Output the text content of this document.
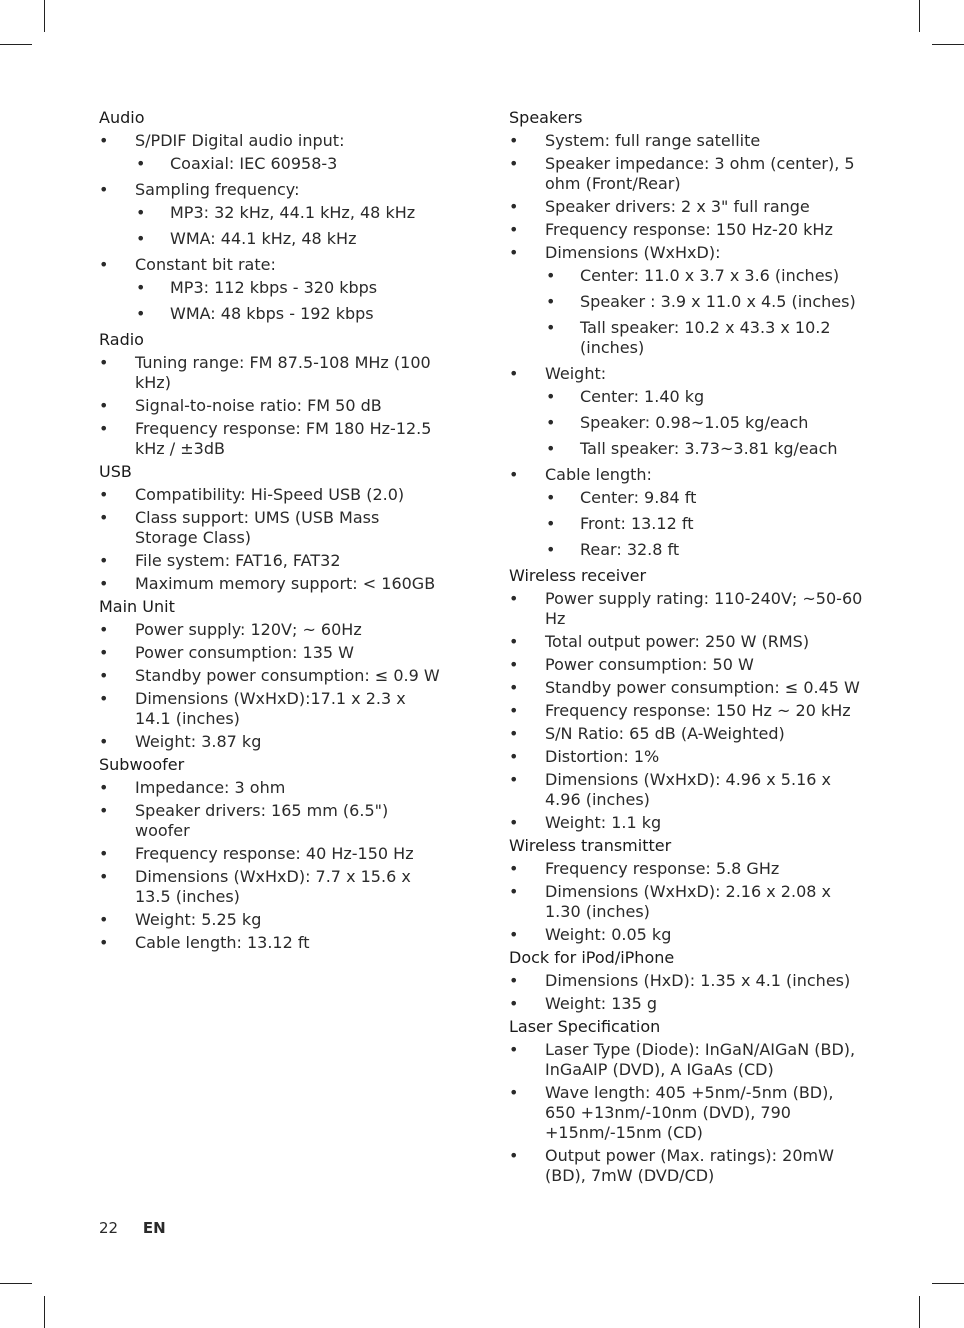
Audio
• S/PDIF Digital audio input:
• Coaxial: IEC 60958-3
• Sampling frequency:
• MP3: 32 kHz, 44.1 kHz, 48 kHz
• WMA: 44.1 kHz, 48 kHz
• Constant bit rate:
• MP3: 112 kbps - 320 kbps
• WMA: 48 kbps - 192 kbps
Radio
• Tuning range: FM 87.5-108 MHz (100 kHz)
• Signal-to-noise ratio: FM 50 dB
• Frequency response: FM 180 Hz-12.5 kHz / ±3dB
USB
• Compatibility: Hi-Speed USB (2.0)
• Class support: UMS (USB Mass Storage Class)
• File system: FAT16, FAT32
• Maximum memory support: < 160GB
Main Unit
• Power supply: 120V; ~ 60Hz
• Power consumption: 135 W
• Standby power consumption: ≤ 0.9 W
• Dimensions (WxHxD):17.1 x 2.3 x 14.1 (inches)
• Weight: 3.87 kg
Subwoofer
• Impedance: 3 ohm
• Speaker drivers: 165 mm (6.5") woofer
• Frequency response: 40 Hz-150 Hz
• Dimensions (WxHxD): 7.7 x 15.6 x 13.5 (inches)
• Weight: 5.25 kg
• Cable length: 13.12 ft
Speakers
• System: full range satellite
• Speaker impedance: 3 ohm (center), 5 ohm (Front/Rear)
• Speaker drivers: 2 x 3" full range
• Frequency response: 150 Hz-20 kHz
• Dimensions (WxHxD):
• Center: 11.0 x 3.7 x 3.6 (inches)
• Speaker : 3.9 x 11.0 x 4.5 (inches)
• Tall speaker: 10.2 x 43.3 x 10.2 (inches)
• Weight:
• Center: 1.40 kg
• Speaker: 0.98~1.05 kg/each
• Tall speaker: 3.73~3.81 kg/each
• Cable length:
• Center: 9.84 ft
• Front: 13.12 ft
• Rear: 32.8 ft
Wireless receiver
• Power supply rating: 110-240V; ~50-60 Hz
• Total output power: 250 W (RMS)
• Power consumption: 50 W
• Standby power consumption: ≤ 0.45 W
• Frequency response: 150 Hz ~ 20 kHz
• S/N Ratio: 65 dB (A-Weighted)
• Distortion: 1%
• Dimensions (WxHxD): 4.96 x 5.16 x 4.96 (inches)
• Weight: 1.1 kg
Wireless transmitter
• Frequency response: 5.8 GHz
• Dimensions (WxHxD): 2.16 x 2.08 x 1.30 (inches)
• Weight: 0.05 kg
Dock for iPod/iPhone
• Dimensions (HxD): 1.35 x 4.1 (inches)
• Weight: 135 g
Laser Specification
• Laser Type (Diode): InGaN/AIGaN (BD), InGaAIP (DVD), A IGaAs (CD)
• Wave length: 405 +5nm/-5nm (BD), 650 +13nm/-10nm (DVD), 790 +15nm/-15nm (CD)
• Output power (Max. ratings): 20mW (BD), 7mW (DVD/CD)
22 EN
